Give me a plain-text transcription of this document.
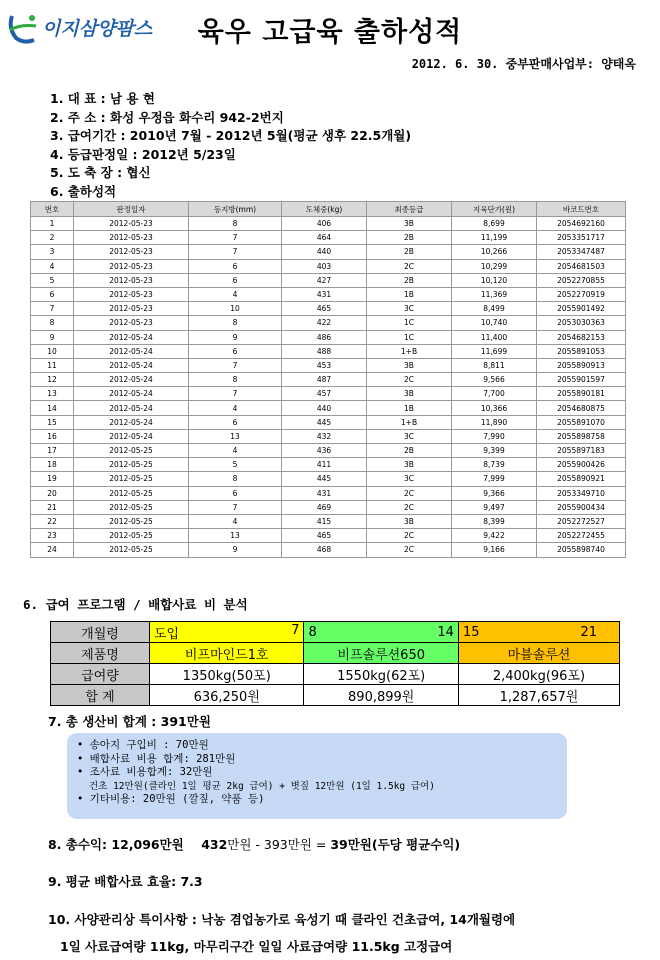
이지삼양팜스	육우 고급육 출하성적
2012. 6. 30. 중부판매사업부: 양태옥
1. 대 표 : 남 용 현
2. 주 소 : 화성 우정읍 화수리 942-2번지
3. 급여기간 : 2010년 7월 - 2012년 5월(평균 생후 22.5개월)
4. 등급판정일 : 2012년 5/23일
5. 도 축 장 : 협신
6. 출하성적
번호	판정일자	등지방(mm)	도체중(kg)	최종등급	지육단가(원)	바코드번호
1	2012-05-23	8	406	3B	8,699	2054692160
2	2012-05-23	7	464	2B	11,199	2053351717
3	2012-05-23	7	440	2B	10,266	2053347487
4	2012-05-23	6	403	2C	10,299	2054681503
5	2012-05-23	6	427	2B	10,120	2052270855
6	2012-05-23	4	431	1B	11,369	2052270919
7	2012-05-23	10	465	3C	8,499	2055901492
8	2012-05-23	8	422	1C	10,740	2053030363
9	2012-05-24	9	486	1C	11,400	2054682153
10	2012-05-24	6	488	1+B	11,699	2055891053
11	2012-05-24	7	453	3B	8,811	2055890913
12	2012-05-24	8	487	2C	9,566	2055901597
13	2012-05-24	7	457	3B	7,700	2055890181
14	2012-05-24	4	440	1B	10,366	2054680875
15	2012-05-24	6	445	1+B	11,890	2055891070
16	2012-05-24	13	432	3C	7,990	2055898758
17	2012-05-25	4	436	2B	9,399	2055897183
18	2012-05-25	5	411	3B	8,739	2055900426
19	2012-05-25	8	445	3C	7,999	2055890921
20	2012-05-25	6	431	2C	9,366	2053349710
21	2012-05-25	7	469	2C	9,497	2055900434
22	2012-05-25	4	415	3B	8,399	2052272527
23	2012-05-25	13	465	2C	9,422	2052272455
24	2012-05-25	9	468	2C	9,166	2055898740
6. 급여 프로그램 / 배합사료 비 분석
개월령	도입 7	8 14	15 21

제품명	비프마인드1호	비프솔루션650	마블솔루션
급여량	1350kg(50포)	1550kg(62포)	2,400kg(96포)
합 계	636,250원	890,899원	1,287,657원
7. 총 생산비 합계 : 391만원
• 송아지 구입비 : 70만원
• 배합사료 비용 합계: 281만원
• 조사료 비용합계: 32만원
건초 12만원(클라인 1일 평균 2kg 급여) + 볏짚 12만원 (1일 1.5kg 급여)
• 기타비용: 20만원 (깔짚, 약품 등)
8. 총수익: 12,096만원 432만원 - 393만원 = 39만원(두당 평균수익)
9. 평균 배합사료 효율: 7.3
10. 사양관리상 특이사항 : 낙농 겸업농가로 육성기 때 클라인 건초급여, 14개월령에
1일 사료급여량 11kg, 마무리구간 일일 사료급여량 11.5kg 고정급여
